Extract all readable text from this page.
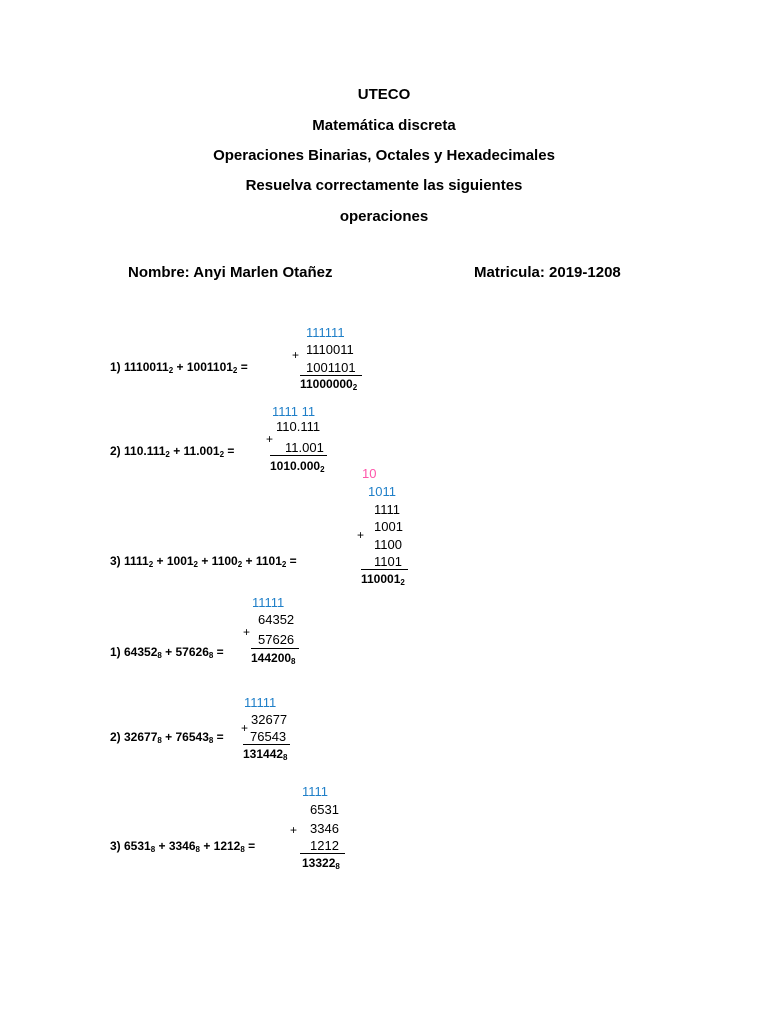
UTECO
Matemática discreta
Operaciones Binarias, Octales y Hexadecimales
Resuelva correctamente las siguientes
operaciones
Nombre: Anyi Marlen Otañez	Matricula: 2019-1208
1) $1110011_2 + 1001101_2$ =
111111
+ 1110011
1001101
$11000000_2$
2) $110.111_2 + 11.001_2$ =
1111 11
+
110.111
11.001
$1010.000_2$
3) $1111_2 + 1001_2 + 1100_2 + 1101_2$ =
10
1011
+
1111
1001
1100
1101
$110001_2$
1) $64352_8 + 57626_8$ =
11111
+
64352
57626
$144200_8$
2) $32677_8 + 76543_8$ =
11111
+
32677
76543
$131442_8$
3) $6531_8 + 3346_8 + 1212_8$ =
1111
+
6531
3346
1212
$13322_8$
